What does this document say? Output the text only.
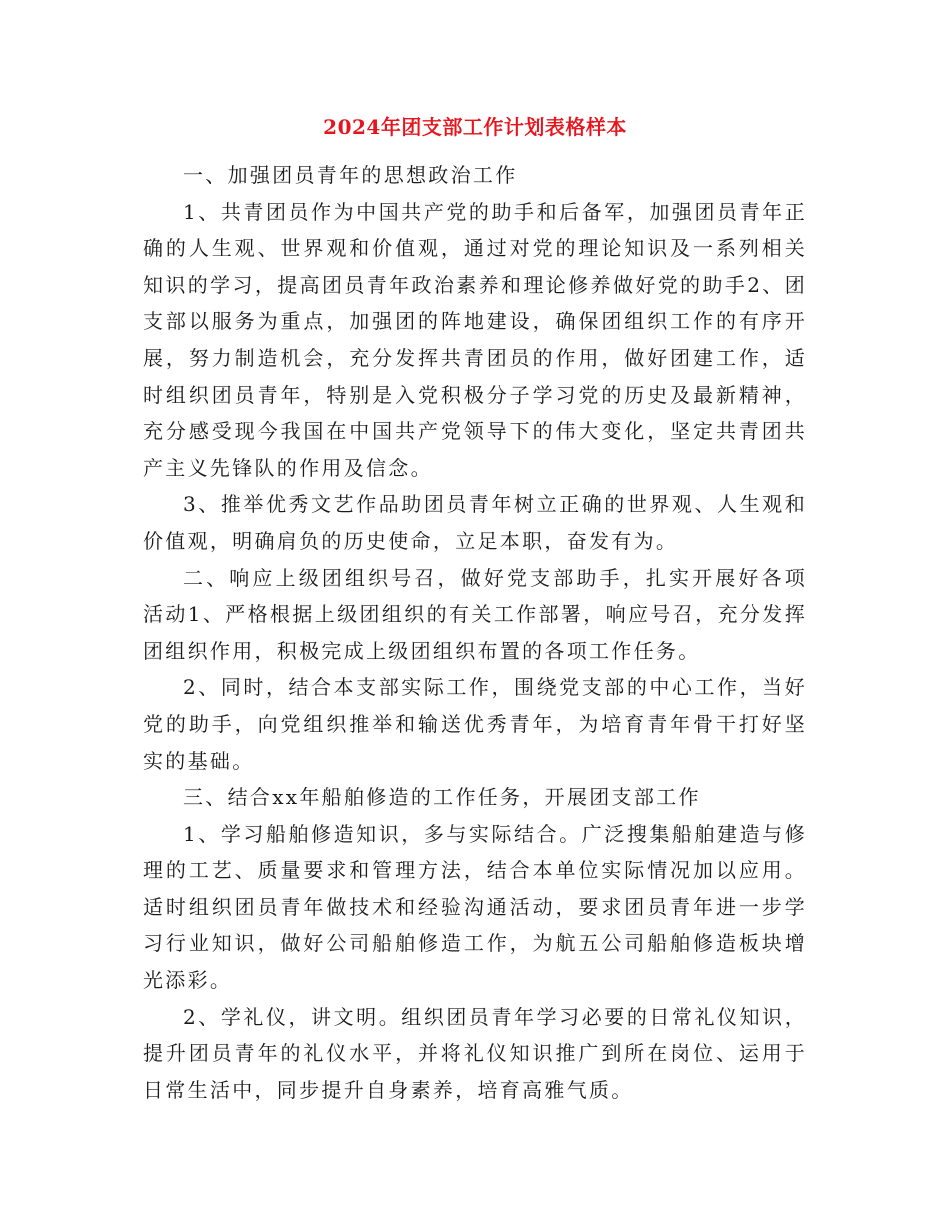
2024年团支部工作计划表格样本

一、加强团员青年的思想政治工作

1、共青团员作为中国共产党的助手和后备军，加强团员青年正确的人生观、世界观和价值观，通过对党的理论知识及一系列相关知识的学习，提高团员青年政治素养和理论修养做好党的助手2、团支部以服务为重点，加强团的阵地建设，确保团组织工作的有序开展，努力制造机会，充分发挥共青团员的作用，做好团建工作，适时组织团员青年，特别是入党积极分子学习党的历史及最新精神，充分感受现今我国在中国共产党领导下的伟大变化，坚定共青团共产主义先锋队的作用及信念。

3、推举优秀文艺作品助团员青年树立正确的世界观、人生观和价值观，明确肩负的历史使命，立足本职，奋发有为。

二、响应上级团组织号召，做好党支部助手，扎实开展好各项活动1、严格根据上级团组织的有关工作部署，响应号召，充分发挥团组织作用，积极完成上级团组织布置的各项工作任务。

2、同时，结合本支部实际工作，围绕党支部的中心工作，当好党的助手，向党组织推举和输送优秀青年，为培育青年骨干打好坚实的基础。

三、结合xx年船舶修造的工作任务，开展团支部工作

1、学习船舶修造知识，多与实际结合。广泛搜集船舶建造与修理的工艺、质量要求和管理方法，结合本单位实际情况加以应用。适时组织团员青年做技术和经验沟通活动，要求团员青年进一步学习行业知识，做好公司船舶修造工作，为航五公司船舶修造板块增光添彩。

2、学礼仪，讲文明。组织团员青年学习必要的日常礼仪知识，提升团员青年的礼仪水平，并将礼仪知识推广到所在岗位、运用于日常生活中，同步提升自身素养，培育高雅气质。
